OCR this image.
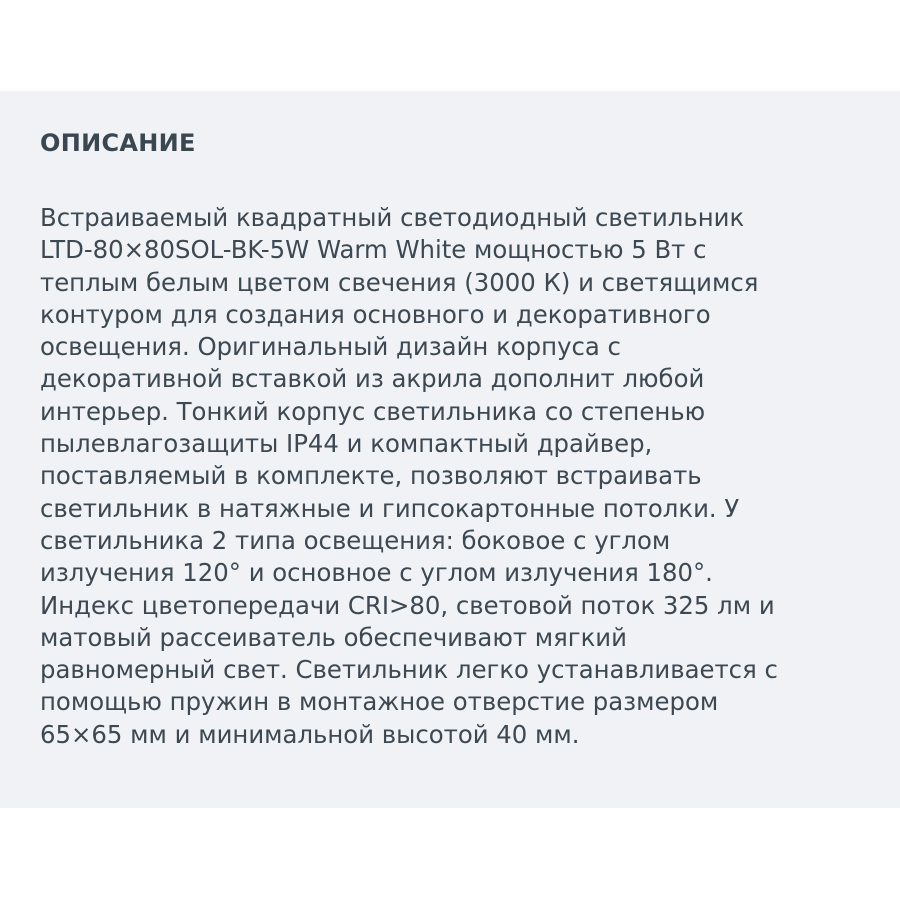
ОПИСАНИЕ

Встраиваемый квадратный светодиодный светильник
LTD-80×80SOL-BK-5W Warm White мощностью 5 Вт с
теплым белым цветом свечения (3000 К) и светящимся
контуром для создания основного и декоративного
освещения. Оригинальный дизайн корпуса с
декоративной вставкой из акрила дополнит любой
интерьер. Тонкий корпус светильника со степенью
пылевлагозащиты IP44 и компактный драйвер,
поставляемый в комплекте, позволяют встраивать
светильник в натяжные и гипсокартонные потолки. У
светильника 2 типа освещения: боковое с углом
излучения 120° и основное с углом излучения 180°.
Индекс цветопередачи CRI>80, световой поток 325 лм и
матовый рассеиватель обеспечивают мягкий
равномерный свет. Светильник легко устанавливается с
помощью пружин в монтажное отверстие размером
65×65 мм и минимальной высотой 40 мм.
